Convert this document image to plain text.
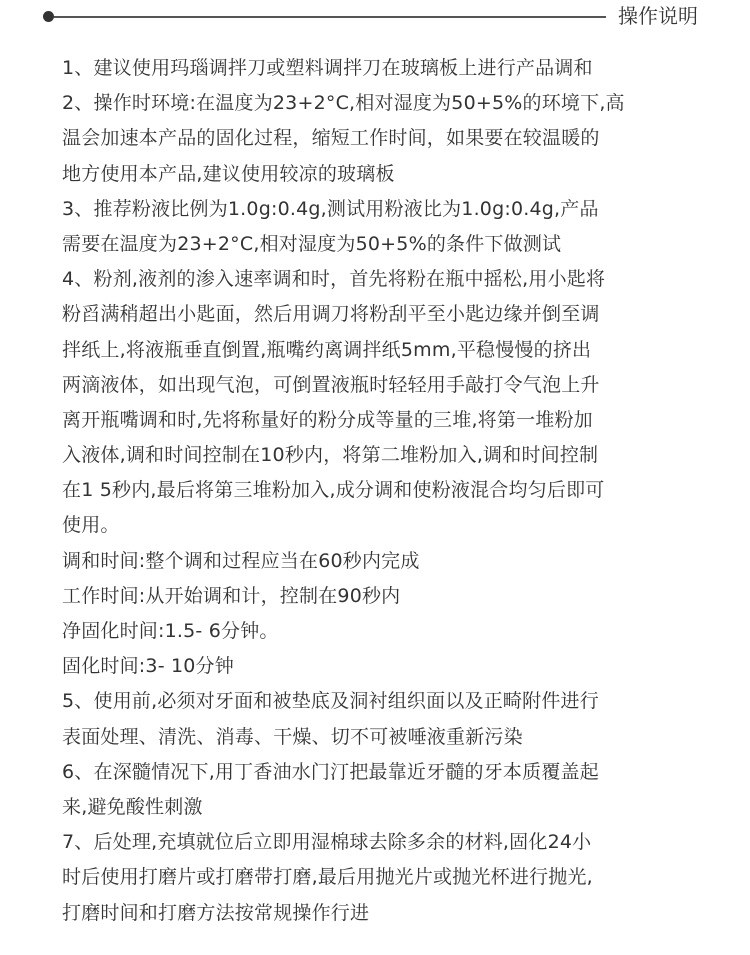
操作说明
1、建议使用玛瑙调拌刀或塑料调拌刀在玻璃板上进行产品调和
2、操作时环境:在温度为23+2°C,相对湿度为50+5%的环境下,高
温会加速本产品的固化过程，缩短工作时间，如果要在较温暖的
地方使用本产品,建议使用较凉的玻璃板
3、推荐粉液比例为1.0g:0.4g,测试用粉液比为1.0g:0.4g,产品
需要在温度为23+2°C,相对湿度为50+5%的条件下做测试
4、粉剂,液剂的渗入速率调和时，首先将粉在瓶中摇松,用小匙将
粉舀满稍超出小匙面，然后用调刀将粉刮平至小匙边缘并倒至调
拌纸上,将液瓶垂直倒置,瓶嘴约离调拌纸5mm,平稳慢慢的挤出
两滴液体，如出现气泡，可倒置液瓶时轻轻用手敲打令气泡上升
离开瓶嘴调和时,先将称量好的粉分成等量的三堆,将第一堆粉加
入液体,调和时间控制在10秒内，将第二堆粉加入,调和时间控制
在1 5秒内,最后将第三堆粉加入,成分调和使粉液混合均匀后即可
使用。
调和时间:整个调和过程应当在60秒内完成
工作时间:从开始调和计，控制在90秒内
净固化时间:1.5- 6分钟。
固化时间:3- 10分钟
5、使用前,必须对牙面和被垫底及洞衬组织面以及正畸附件进行
表面处理、清洗、消毒、干燥、切不可被唾液重新污染
6、在深髓情况下,用丁香油水门汀把最靠近牙髓的牙本质覆盖起
来,避免酸性刺激
7、后处理,充填就位后立即用湿棉球去除多余的材料,固化24小
时后使用打磨片或打磨带打磨,最后用抛光片或抛光杯进行抛光,
打磨时间和打磨方法按常规操作行进
